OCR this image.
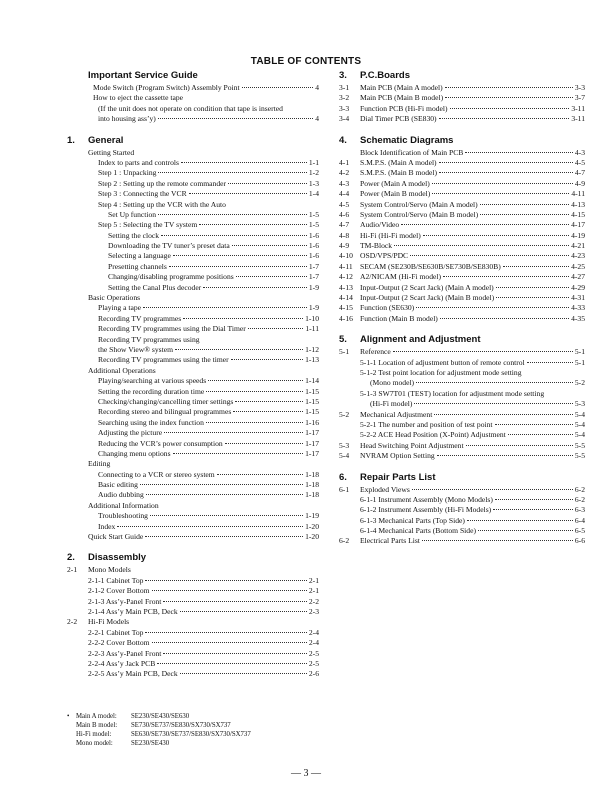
TABLE OF CONTENTS
Important Service Guide
Mode Switch (Program Switch) Assembly Point	4
How to eject the cassette tape
(If the unit does not operate on condition that tape is inserted
into housing ass’y)	4
1.	General
Getting Started
Index to parts and controls	1-1
Step 1 : Unpacking	1-2
Step 2 : Setting up the remote commander	1-3
Step 3 : Connecting the VCR	1-4
Step 4 : Setting up the VCR with the Auto
Set Up function	1-5
Step 5 : Selecting the TV system	1-5
Setting the clock	1-6
Downloading the TV tuner’s preset data	1-6
Selecting a language	1-6
Presetting channels	1-7
Changing/disabling programme positions	1-7
Setting the Canal Plus decoder	1-9
Basic Operations
Playing a tape	1-9
Recording TV programmes	1-10
Recording TV programmes using the Dial Timer	1-11
Recording TV programmes using
the Show View® system	1-12
Recording TV programmes using the timer	1-13
Additional Operations
Playing/searching at various speeds	1-14
Setting the recording duration time	1-15
Checking/changing/cancelling timer settings	1-15
Recording stereo and bilingual programmes	1-15
Searching using the index function	1-16
Adjusting the picture	1-17
Reducing the VCR’s power consumption	1-17
Changing menu options	1-17
Editing
Connecting to a VCR or stereo system	1-18
Basic editing	1-18
Audio dubbing	1-18
Additional Information
Troubleshooting	1-19
Index	1-20
Quick Start Guide	1-20
2.	Disassembly
2-1	Mono Models
2-1-1 Cabinet Top	2-1
2-1-2 Cover Bottom	2-1
2-1-3 Ass’y-Panel Front	2-2
2-1-4 Ass’y Main PCB, Deck	2-3
2-2	Hi-Fi Models
2-2-1 Cabinet Top	2-4
2-2-2 Cover Bottom	2-4
2-2-3 Ass’y-Panel Front	2-5
2-2-4 Ass’y Jack PCB	2-5
2-2-5 Ass’y Main PCB, Deck	2-6
3.	P.C.Boards
3-1	Main PCB (Main A model)	3-3
3-2	Main PCB (Main B model)	3-7
3-3	Function PCB (Hi-Fi model)	3-11
3-4	Dial Timer PCB (SE830)	3-11
4.	Schematic Diagrams
Block Identification of Main PCB	4-3
4-1	S.M.P.S. (Main A model)	4-5
4-2	S.M.P.S. (Main B model)	4-7
4-3	Power (Main A model)	4-9
4-4	Power (Main B model)	4-11
4-5	System Control/Servo (Main A model)	4-13
4-6	System Control/Servo (Main B model)	4-15
4-7	Audio/Video	4-17
4-8	Hi-Fi (Hi-Fi model)	4-19
4-9	TM-Block	4-21
4-10 OSD/VPS/PDC	4-23
4-11 SECAM (SE230B/SE630B/SE730B/SE830B)	4-25
4-12 A2/NICAM (Hi-Fi model)	4-27
4-13 Input-Output (2 Scart Jack) (Main A model)	4-29
4-14 Input-Output (2 Scart Jack) (Main B model)	4-31
4-15 Function (SE630)	4-33
4-16 Function (Main B model)	4-35
5.	Alignment and Adjustment
5-1	Reference	5-1
5-1-1 Location of adjustment button of remote control	5-1
5-1-2 Test point location for adjustment mode setting
(Mono model)	5-2
5-1-3 SW7T01 (TEST) location for adjustment mode setting
(Hi-Fi model)	5-3
5-2	Mechanical Adjustment	5-4
5-2-1 The number and position of test point	5-4
5-2-2 ACE Head Position (X-Point) Adjustment	5-4
5-3	Head Switching Point Adjustment	5-5
5-4	NVRAM Option Setting	5-5
6.	Repair Parts List
6-1	Exploded Views	6-2
6-1-1 Instrument Assembly (Mono Models)	6-2
6-1-2 Instrument Assembly (Hi-Fi Models)	6-3
6-1-3 Mechanical Parts (Top Side)	6-4
6-1-4 Mechanical Parts (Bottom Side)	6-5
6-2	Electrical Parts List	6-6
• Main A model:	SE230/SE430/SE630
Main B model:	SE730/SE737/SE830/SX730/SX737
Hi-Fi model:	SE630/SE730/SE737/SE830/SX730/SX737
Mono model:	SE230/SE430
— 3 —
